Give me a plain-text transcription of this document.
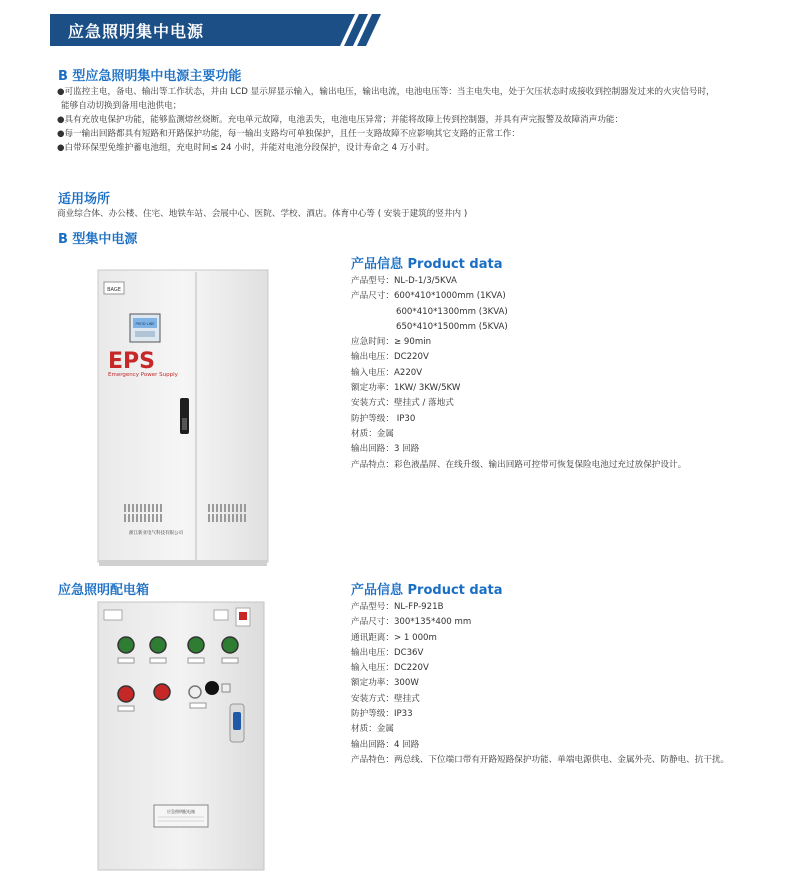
应急照明集中电源
B 型应急照明集中电源主要功能
●可监控主电，备电、输出等工作状态，并由 LCD 显示屏显示输入，输出电压，输出电流，电池电压等：当主电失电，处于欠压状态时成接收到控制器发过来的火灾信号时，
能够自动切换到备用电池供电；
●具有充放电保护功能，能够监测熔丝烧断。充电单元故障，电池丢失，电池电压异常；并能将故障上传到控制器，并具有声完报警及故障消声功能：
●每一输出回路都具有短路和开路保护功能，每一输出支路均可单独保护，且任一支路故障不应影响其它支路的正常工作：
●白带环保型免维护蓄电池组，充电时间≤ 24 小时，并能对电池分段保护，设计寿命之 4 万小时。
适用场所
商业综合体、办公楼、住宅、地铁车站、会展中心、医院、学校、酒店。体育中心等 ( 安装于建筑的竖井内 )
B 型集中电源
BAGE
PROD LINE
EPS
Emergency Power Supply
浙江新亚电气科技有限公司
产品信息 Product data
产品型号：NL-D-1/3/5KVA
产品尺寸：600*410*1000mm (1KVA)
600*410*1300mm (3KVA)
650*410*1500mm (5KVA)
应急时间：≥ 90min
输出电压：DC220V
输入电压：A220V
额定功率：1KW/ 3KW/5KW
安装方式：壁挂式 / 落地式
防护等级： IP30
材质：金属
输出回路：3 回路
产品特点：彩色液晶屏、在线升级、输出回路可控带可恢复保险电池过充过放保护设计。
应急照明配电箱
应急照明配电箱
产品信息 Product data
产品型号：NL-FP-921B
产品尺寸：300*135*400 mm
通讯距离：> 1 000m
输出电压：DC36V
输入电压：DC220V
额定功率：300W
安装方式：壁挂式
防护等级：IP33
材质：金属
输出回路：4 回路
产品特色：两总线、下位端口带有开路短路保护功能、单端电源供电、金属外壳、防静电、抗干扰。
